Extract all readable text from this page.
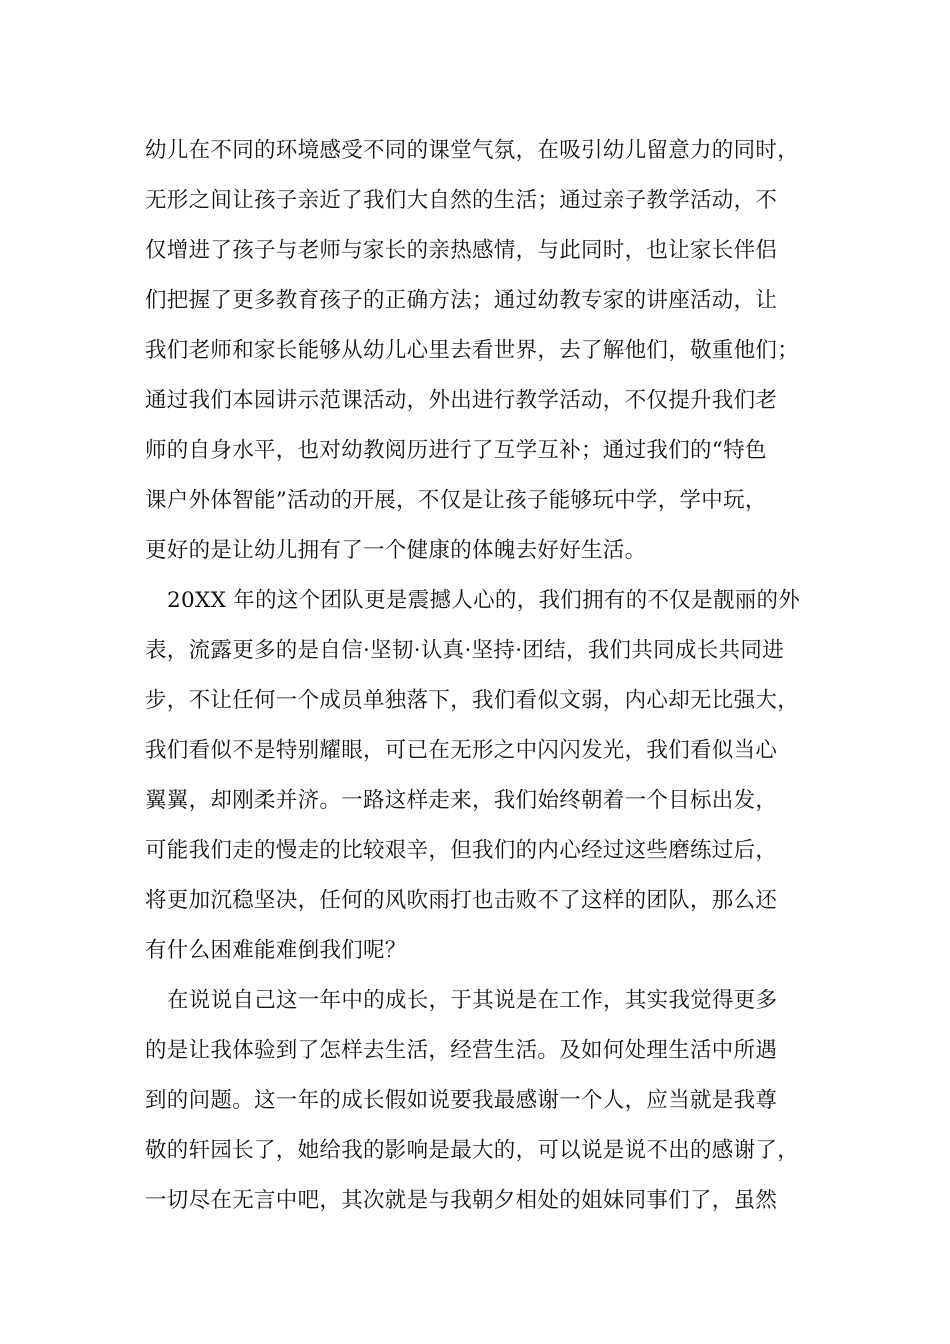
幼儿在不同的环境感受不同的课堂气氛，在吸引幼儿留意力的同时，
无形之间让孩子亲近了我们大自然的生活；通过亲子教学活动，不
仅增进了孩子与老师与家长的亲热感情，与此同时，也让家长伴侣
们把握了更多教育孩子的正确方法；通过幼教专家的讲座活动，让
我们老师和家长能够从幼儿心里去看世界，去了解他们，敬重他们；
通过我们本园讲示范课活动，外出进行教学活动，不仅提升我们老
师的自身水平，也对幼教阅历进行了互学互补；通过我们的“特色
课户外体智能”活动的开展，不仅是让孩子能够玩中学，学中玩，
更好的是让幼儿拥有了一个健康的体魄去好好生活。
20XX 年的这个团队更是震撼人心的，我们拥有的不仅是靓丽的外
表，流露更多的是自信·坚韧·认真·坚持·团结，我们共同成长共同进
步，不让任何一个成员单独落下，我们看似文弱，内心却无比强大，
我们看似不是特别耀眼，可已在无形之中闪闪发光，我们看似当心
翼翼，却刚柔并济。一路这样走来，我们始终朝着一个目标出发，
可能我们走的慢走的比较艰辛，但我们的内心经过这些磨练过后，
将更加沉稳坚决，任何的风吹雨打也击败不了这样的团队，那么还
有什么困难能难倒我们呢？
在说说自己这一年中的成长，于其说是在工作，其实我觉得更多
的是让我体验到了怎样去生活，经营生活。及如何处理生活中所遇
到的问题。这一年的成长假如说要我最感谢一个人，应当就是我尊
敬的轩园长了，她给我的影响是最大的，可以说是说不出的感谢了，
一切尽在无言中吧，其次就是与我朝夕相处的姐妹同事们了，虽然
